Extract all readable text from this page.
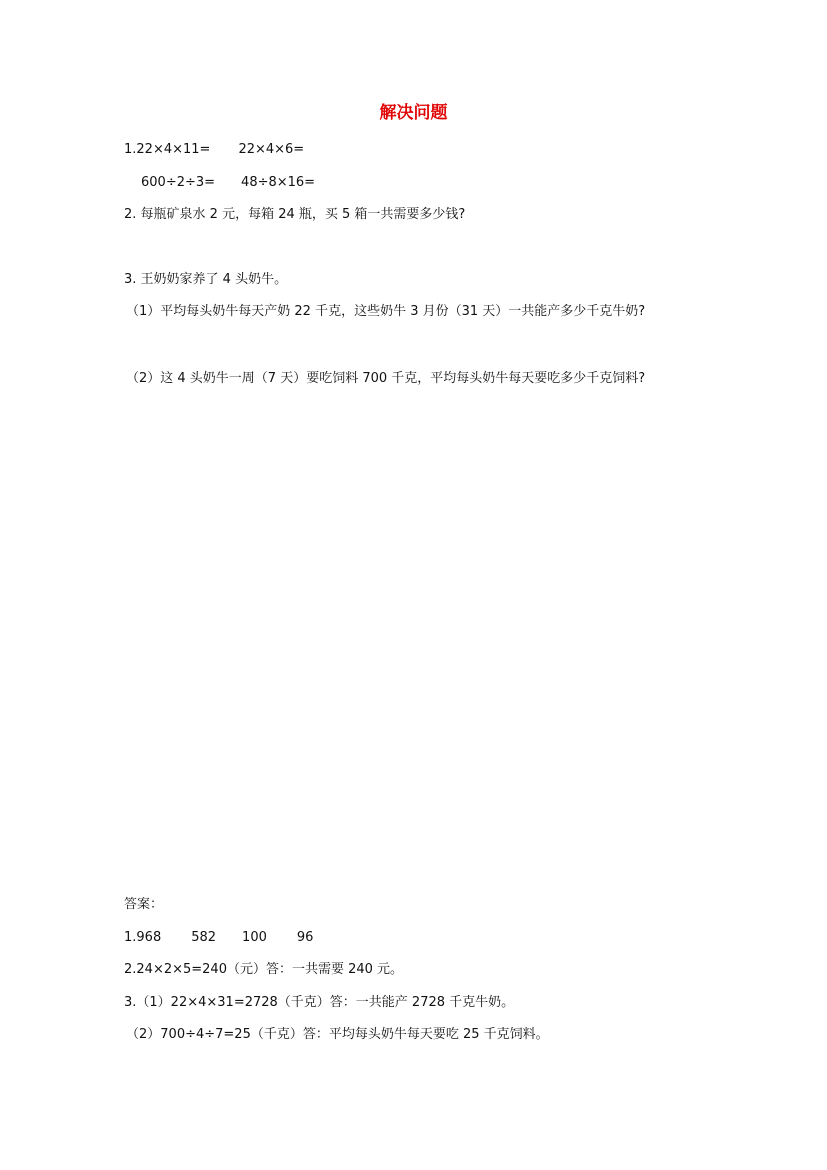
解决问题
1.22×4×11= 22×4×6=
600÷2÷3= 48÷8×16=
2. 每瓶矿泉水 2 元，每箱 24 瓶，买 5 箱一共需要多少钱?
3. 王奶奶家养了 4 头奶牛。
（1）平均每头奶牛每天产奶 22 千克，这些奶牛 3 月份（31 天）一共能产多少千克牛奶?
（2）这 4 头奶牛一周（7 天）要吃饲料 700 千克，平均每头奶牛每天要吃多少千克饲料?
答案：
1.968 582 100 96
2.24×2×5=240（元）答：一共需要 240 元。
3.（1）22×4×31=2728（千克）答：一共能产 2728 千克牛奶。
（2）700÷4÷7=25（千克）答：平均每头奶牛每天要吃 25 千克饲料。
